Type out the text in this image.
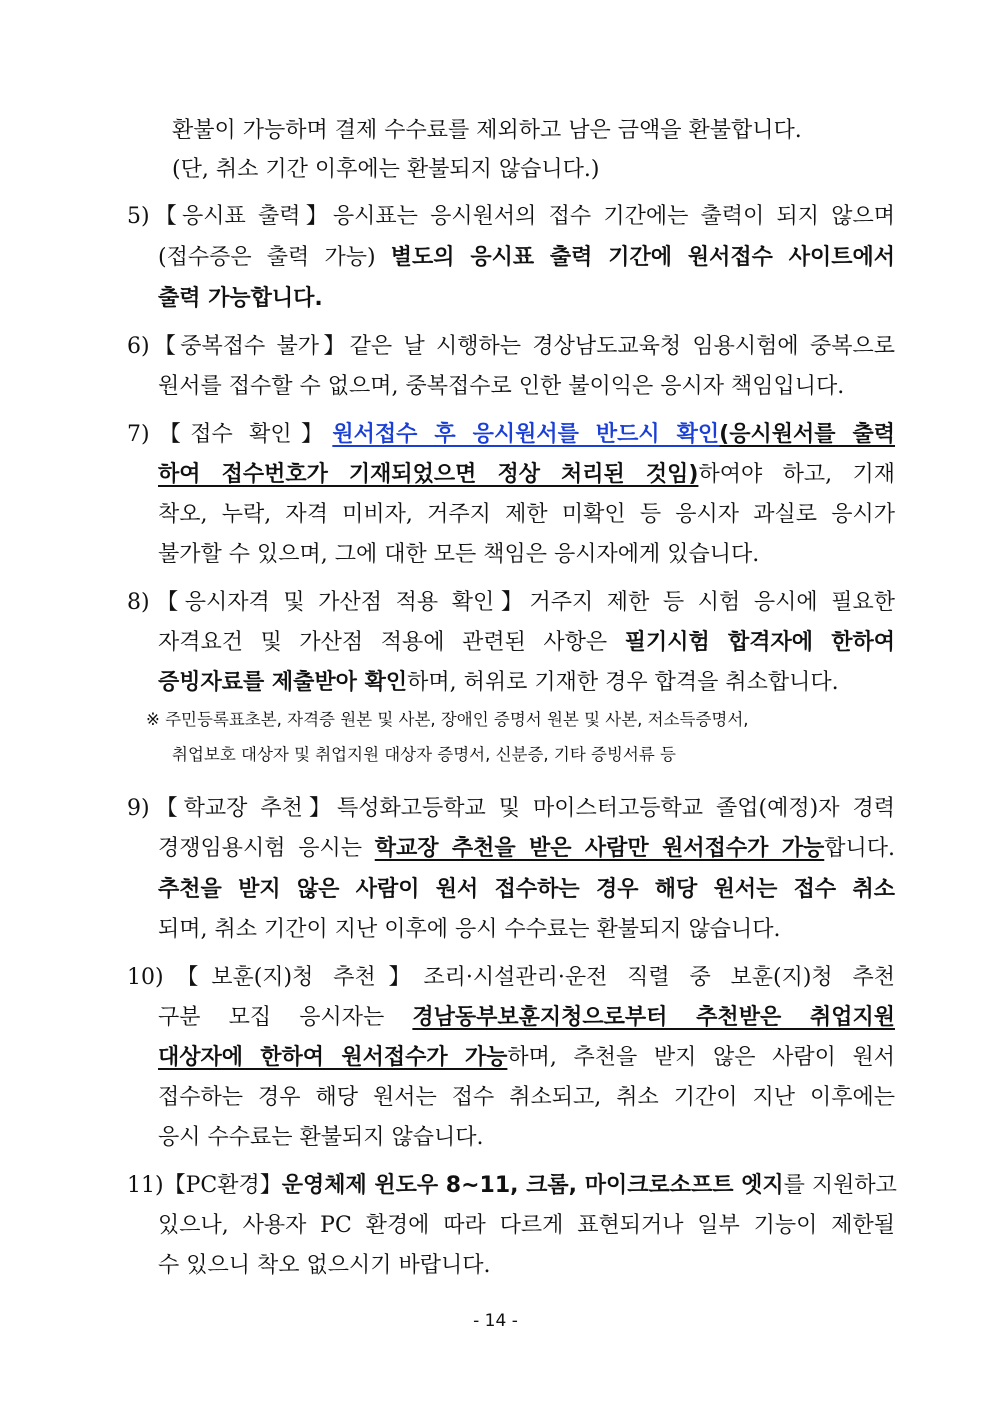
환불이 가능하며 결제 수수료를 제외하고 남은 금액을 환불합니다.
(단, 취소 기간 이후에는 환불되지 않습니다.)
5)【응시표 출력】응시표는 응시원서의 접수 기간에는 출력이 되지 않으며
(접수증은 출력 가능) 별도의 응시표 출력 기간에 원서접수 사이트에서
출력 가능합니다.
6)【중복접수 불가】같은 날 시행하는 경상남도교육청 임용시험에 중복으로
원서를 접수할 수 없으며, 중복접수로 인한 불이익은 응시자 책임입니다.
7)【접수 확인】원서접수 후 응시원서를 반드시 확인(응시원서를 출력
하여 접수번호가 기재되었으면 정상 처리된 것임)하여야 하고, 기재
착오, 누락, 자격 미비자, 거주지 제한 미확인 등 응시자 과실로 응시가
불가할 수 있으며, 그에 대한 모든 책임은 응시자에게 있습니다.
8)【응시자격 및 가산점 적용 확인】거주지 제한 등 시험 응시에 필요한
자격요건 및 가산점 적용에 관련된 사항은 필기시험 합격자에 한하여
증빙자료를 제출받아 확인하며, 허위로 기재한 경우 합격을 취소합니다.
※ 주민등록표초본, 자격증 원본 및 사본, 장애인 증명서 원본 및 사본, 저소득증명서,
취업보호 대상자 및 취업지원 대상자 증명서, 신분증, 기타 증빙서류 등
9)【학교장 추천】특성화고등학교 및 마이스터고등학교 졸업(예정)자 경력
경쟁임용시험 응시는 학교장 추천을 받은 사람만 원서접수가 가능합니다.
추천을 받지 않은 사람이 원서 접수하는 경우 해당 원서는 접수 취소
되며, 취소 기간이 지난 이후에 응시 수수료는 환불되지 않습니다.
10)【보훈(지)청 추천】조리·시설관리·운전 직렬 중 보훈(지)청 추천
구분 모집 응시자는 경남동부보훈지청으로부터 추천받은 취업지원
대상자에 한하여 원서접수가 가능하며, 추천을 받지 않은 사람이 원서
접수하는 경우 해당 원서는 접수 취소되고, 취소 기간이 지난 이후에는
응시 수수료는 환불되지 않습니다.
11)【PC환경】운영체제 윈도우 8~11, 크롬, 마이크로소프트 엣지를 지원하고
있으나, 사용자 PC 환경에 따라 다르게 표현되거나 일부 기능이 제한될
수 있으니 착오 없으시기 바랍니다.
- 14 -
